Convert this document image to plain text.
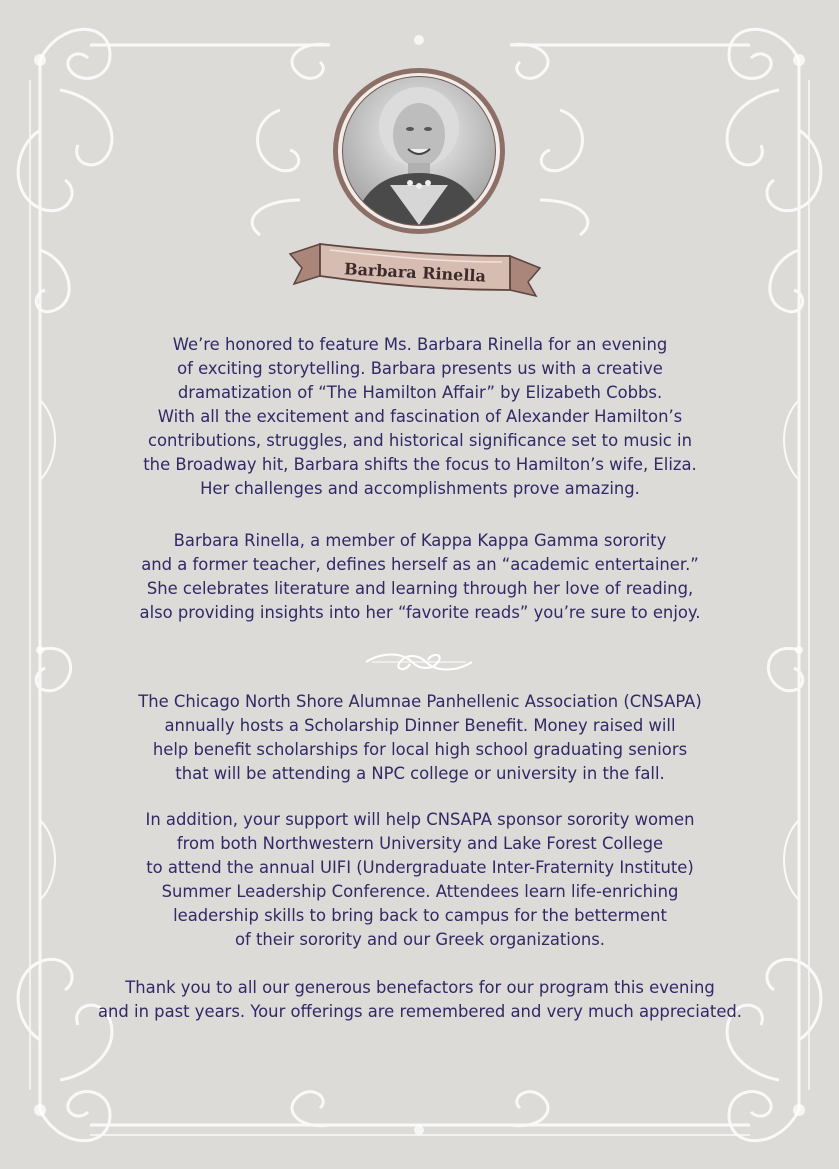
Barbara Rinella
We’re honored to feature Ms. Barbara Rinella for an evening
of exciting storytelling. Barbara presents us with a creative
dramatization of “The Hamilton Affair” by Elizabeth Cobbs.
With all the excitement and fascination of Alexander Hamilton’s
contributions, struggles, and historical significance set to music in
the Broadway hit, Barbara shifts the focus to Hamilton’s wife, Eliza.
Her challenges and accomplishments prove amazing.
Barbara Rinella, a member of Kappa Kappa Gamma sorority
and a former teacher, defines herself as an “academic entertainer.”
She celebrates literature and learning through her love of reading,
also providing insights into her “favorite reads” you’re sure to enjoy.
The Chicago North Shore Alumnae Panhellenic Association (CNSAPA)
annually hosts a Scholarship Dinner Benefit. Money raised will
help benefit scholarships for local high school graduating seniors
that will be attending a NPC college or university in the fall.
In addition, your support will help CNSAPA sponsor sorority women
from both Northwestern University and Lake Forest College
to attend the annual UIFI (Undergraduate Inter-Fraternity Institute)
Summer Leadership Conference. Attendees learn life-enriching
leadership skills to bring back to campus for the betterment
of their sorority and our Greek organizations.
Thank you to all our generous benefactors for our program this evening
and in past years. Your offerings are remembered and very much appreciated.
